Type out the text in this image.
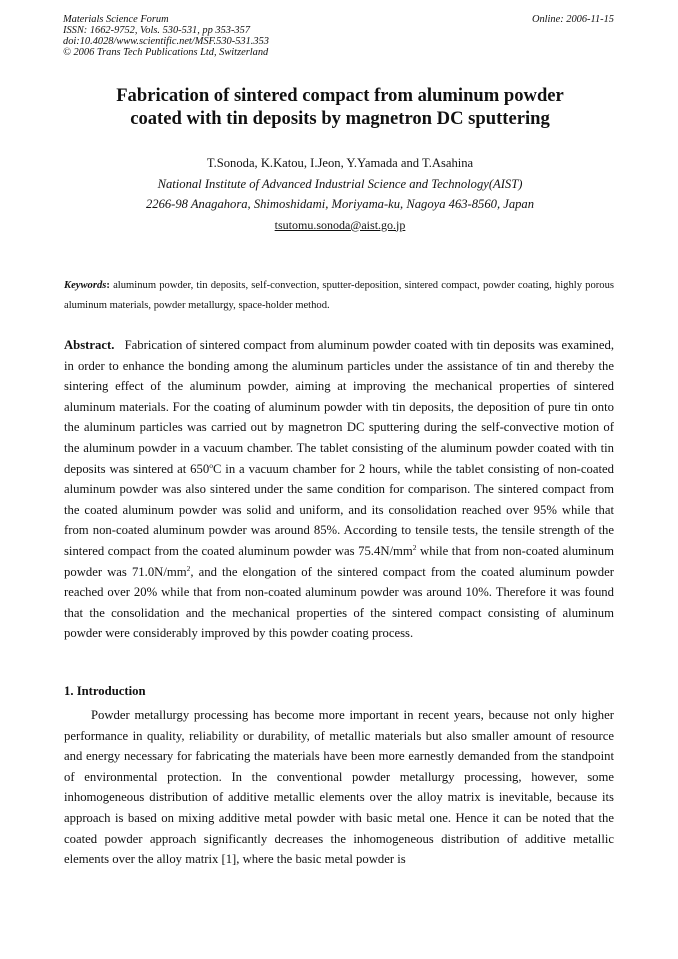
Materials Science Forum
ISSN: 1662-9752, Vols. 530-531, pp 353-357
doi:10.4028/www.scientific.net/MSF.530-531.353
© 2006 Trans Tech Publications Ltd, Switzerland
Online: 2006-11-15
Fabrication of sintered compact from aluminum powder
coated with tin deposits by magnetron DC sputtering
T.Sonoda, K.Katou, I.Jeon, Y.Yamada and T.Asahina
National Institute of Advanced Industrial Science and Technology(AIST)
2266-98 Anagahora, Shimoshidami, Moriyama-ku, Nagoya 463-8560, Japan
tsutomu.sonoda@aist.go.jp
Keywords: aluminum powder, tin deposits, self-convection, sputter-deposition, sintered compact, powder coating, highly porous aluminum materials, powder metallurgy, space-holder method.
Abstract. Fabrication of sintered compact from aluminum powder coated with tin deposits was examined, in order to enhance the bonding among the aluminum particles under the assistance of tin and thereby the sintering effect of the aluminum powder, aiming at improving the mechanical properties of sintered aluminum materials. For the coating of aluminum powder with tin deposits, the deposition of pure tin onto the aluminum particles was carried out by magnetron DC sputtering during the self-convective motion of the aluminum powder in a vacuum chamber. The tablet consisting of the aluminum powder coated with tin deposits was sintered at 650$^o$C in a vacuum chamber for 2 hours, while the tablet consisting of non-coated aluminum powder was also sintered under the same condition for comparison. The sintered compact from the coated aluminum powder was solid and uniform, and its consolidation reached over 95% while that from non-coated aluminum powder was around 85%. According to tensile tests, the tensile strength of the sintered compact from the coated aluminum powder was $75.4N/mm^2$ while that from non-coated aluminum powder was $71.0N/mm^2$, and the elongation of the sintered compact from the coated aluminum powder reached over 20% while that from non-coated aluminum powder was around 10%. Therefore it was found that the consolidation and the mechanical properties of the sintered compact consisting of aluminum powder were considerably improved by this powder coating process.
1. Introduction
Powder metallurgy processing has become more important in recent years, because not only higher performance in quality, reliability or durability, of metallic materials but also smaller amount of resource and energy necessary for fabricating the materials have been more earnestly demanded from the standpoint of environmental protection. In the conventional powder metallurgy processing, however, some inhomogeneous distribution of additive metallic elements over the alloy matrix is inevitable, because its approach is based on mixing additive metal powder with basic metal one. Hence it can be noted that the coated powder approach significantly decreases the inhomogeneous distribution of additive metallic elements over the alloy matrix [1], where the basic metal powder is
